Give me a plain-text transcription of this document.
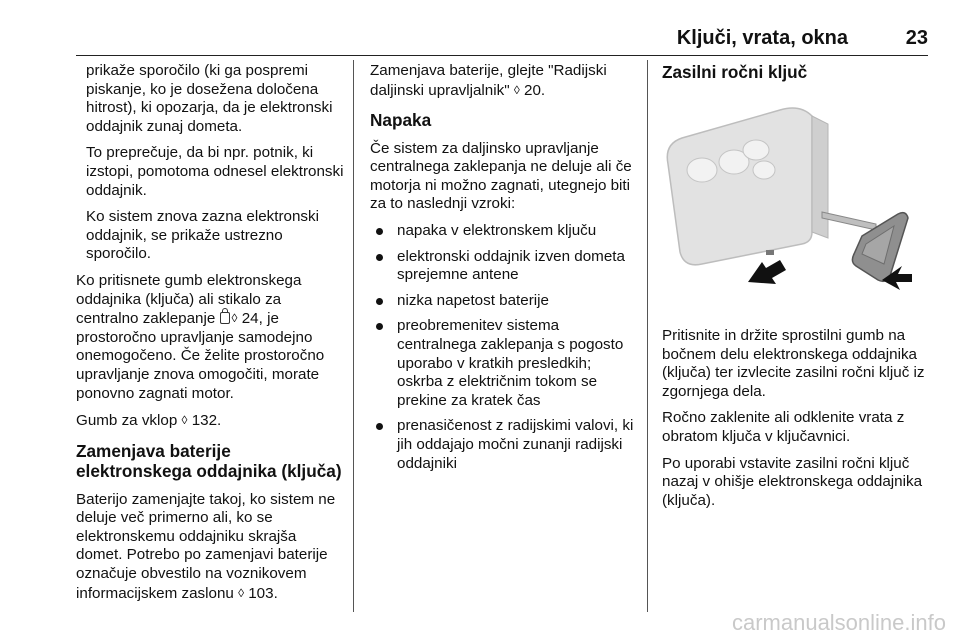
Ključi, vrata, okna	23

prikaže sporočilo (ki ga pospremi piskanje, ko je dosežena določena hitrost), ki opozarja, da je elektronski oddajnik zunaj dometa.

To preprečuje, da bi npr. potnik, ki izstopi, pomotoma odnesel elektronski oddajnik.

Ko sistem znova zazna elektronski oddajnik, se prikaže ustrezno sporočilo.

Ko pritisnete gumb elektronskega oddajnika (ključa) ali stikalo za centralno zaklepanje ◊ 24, je prostoročno upravljanje samodejno onemogočeno. Če želite prostoročno upravljanje znova omogočiti, morate ponovno zagnati motor.

Gumb za vklop ◊ 132.

Zamenjava baterije elektronskega oddajnika (ključa)

Baterijo zamenjajte takoj, ko sistem ne deluje več primerno ali, ko se elektronskemu oddajniku skrajša domet. Potrebo po zamenjavi baterije označuje obvestilo na voznikovem informacijskem zaslonu ◊ 103.

Zamenjava baterije, glejte "Radijski daljinski upravljalnik" ◊ 20.

Napaka

Če sistem za daljinsko upravljanje centralnega zaklepanja ne deluje ali če motorja ni možno zagnati, utegnejo biti za to naslednji vzroki:

napaka v elektronskem ključu
elektronski oddajnik izven dometa sprejemne antene
nizka napetost baterije
preobremenitev sistema centralnega zaklepanja s pogosto uporabo v kratkih presledkih; oskrba z električnim tokom se prekine za kratek čas
prenasičenost z radijskimi valovi, ki jih oddajajo močni zunanji radijski oddajniki
Zasilni ročni ključ

Pritisnite in držite sprostilni gumb na bočnem delu elektronskega oddajnika (ključa) ter izvlecite zasilni ročni ključ iz zgornjega dela.

Ročno zaklenite ali odklenite vrata z obratom ključa v ključavnici.

Po uporabi vstavite zasilni ročni ključ nazaj v ohišje elektronskega oddajnika (ključa).

carmanualsonline.info
